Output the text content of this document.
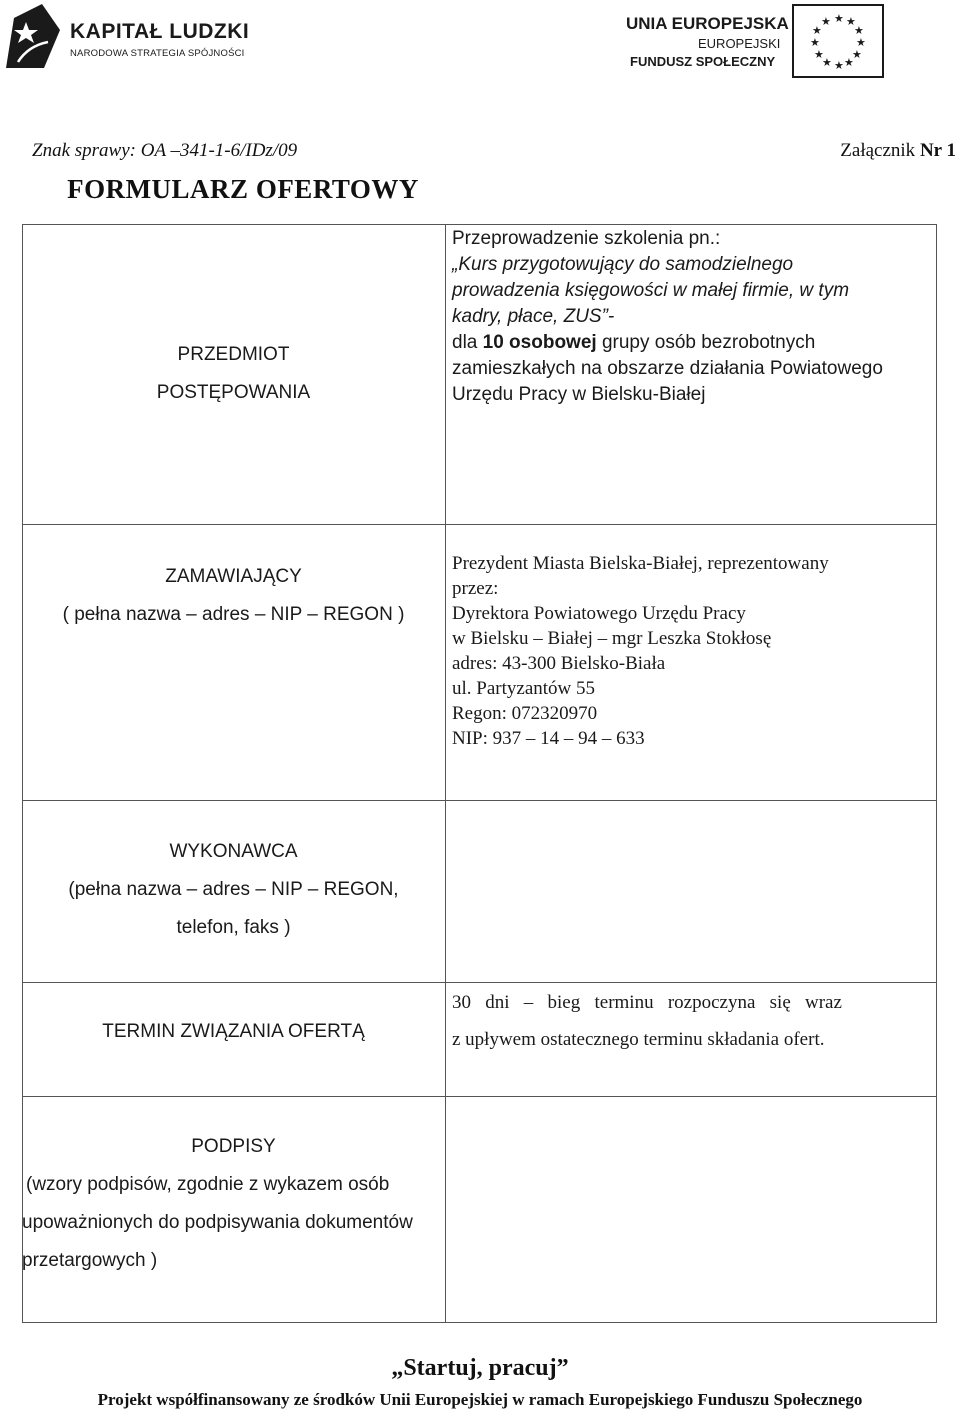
KAPITAŁ LUDZKI
NARODOWA STRATEGIA SPÓJNOŚCI
UNIA EUROPEJSKA
EUROPEJSKI
FUNDUSZ SPOŁECZNY
★ ★
★
★
★
★
★
★
★
★
★
★
Znak sprawy: OA –341-1-6/IDz/09	Załącznik Nr 1
FORMULARZ OFERTOWY
PRZEDMIOT
POSTĘPOWANIA
Przeprowadzenie szkolenia pn.:
„Kurs przygotowujący do samodzielnego
prowadzenia księgowości w małej firmie, w tym
kadry, płace, ZUS”-
dla 10 osobowej grupy osób bezrobotnych
zamieszkałych na obszarze działania Powiatowego
Urzędu Pracy w Bielsku-Białej
ZAMAWIAJĄCY
( pełna nazwa – adres – NIP – REGON )
Prezydent Miasta Bielska-Białej, reprezentowany
przez:
Dyrektora Powiatowego Urzędu Pracy
w Bielsku – Białej – mgr Leszka Stokłosę
adres: 43-300 Bielsko-Biała
ul. Partyzantów 55
Regon: 072320970
NIP: 937 – 14 – 94 – 633
WYKONAWCA
(pełna nazwa – adres – NIP – REGON,
telefon, faks )
TERMIN ZWIĄZANIA OFERTĄ
30   dni   –   bieg   terminu   rozpoczyna   się   wraz
z upływem ostatecznego terminu składania ofert.
PODPISY
(wzory podpisów, zgodnie z wykazem osób
upoważnionych do podpisywania dokumentów
przetargowych )
„Startuj, pracuj”
Projekt współfinansowany ze środków Unii Europejskiej w ramach Europejskiego Funduszu Społecznego
